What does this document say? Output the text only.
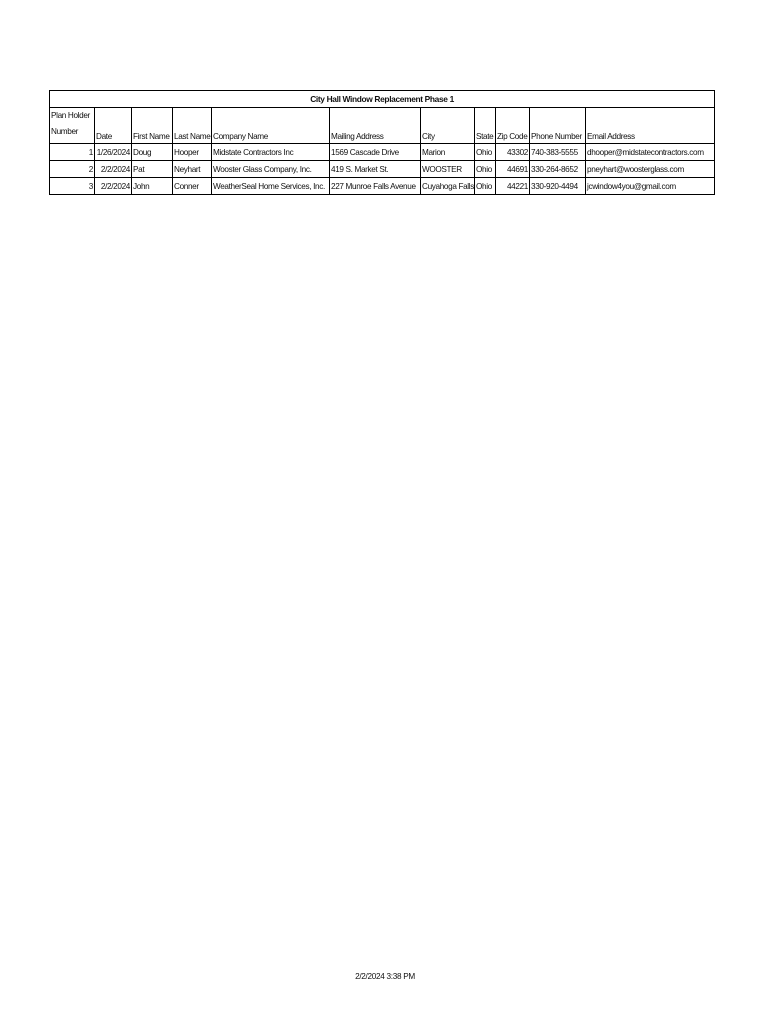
City Hall Window Replacement Phase 1										

Plan Holder
Number	Date	First Name	Last Name	Company Name	Mailing Address	City	State	Zip Code	Phone Number	Email Address
1	1/26/2024	Doug	Hooper	Midstate Contractors Inc	1569 Cascade Drive	Marion	Ohio	43302	740-383-5555	dhooper@midstatecontractors.com
2	2/2/2024	Pat	Neyhart	Wooster Glass Company, Inc.	419 S. Market St.	WOOSTER	Ohio	44691	330-264-8652	pneyhart@woosterglass.com
3	2/2/2024	John	Conner	WeatherSeal Home Services, Inc.	227 Munroe Falls Avenue	Cuyahoga Falls	Ohio	44221	330-920-4494	jcwindow4you@gmail.com
2/2/2024 3:38 PM
